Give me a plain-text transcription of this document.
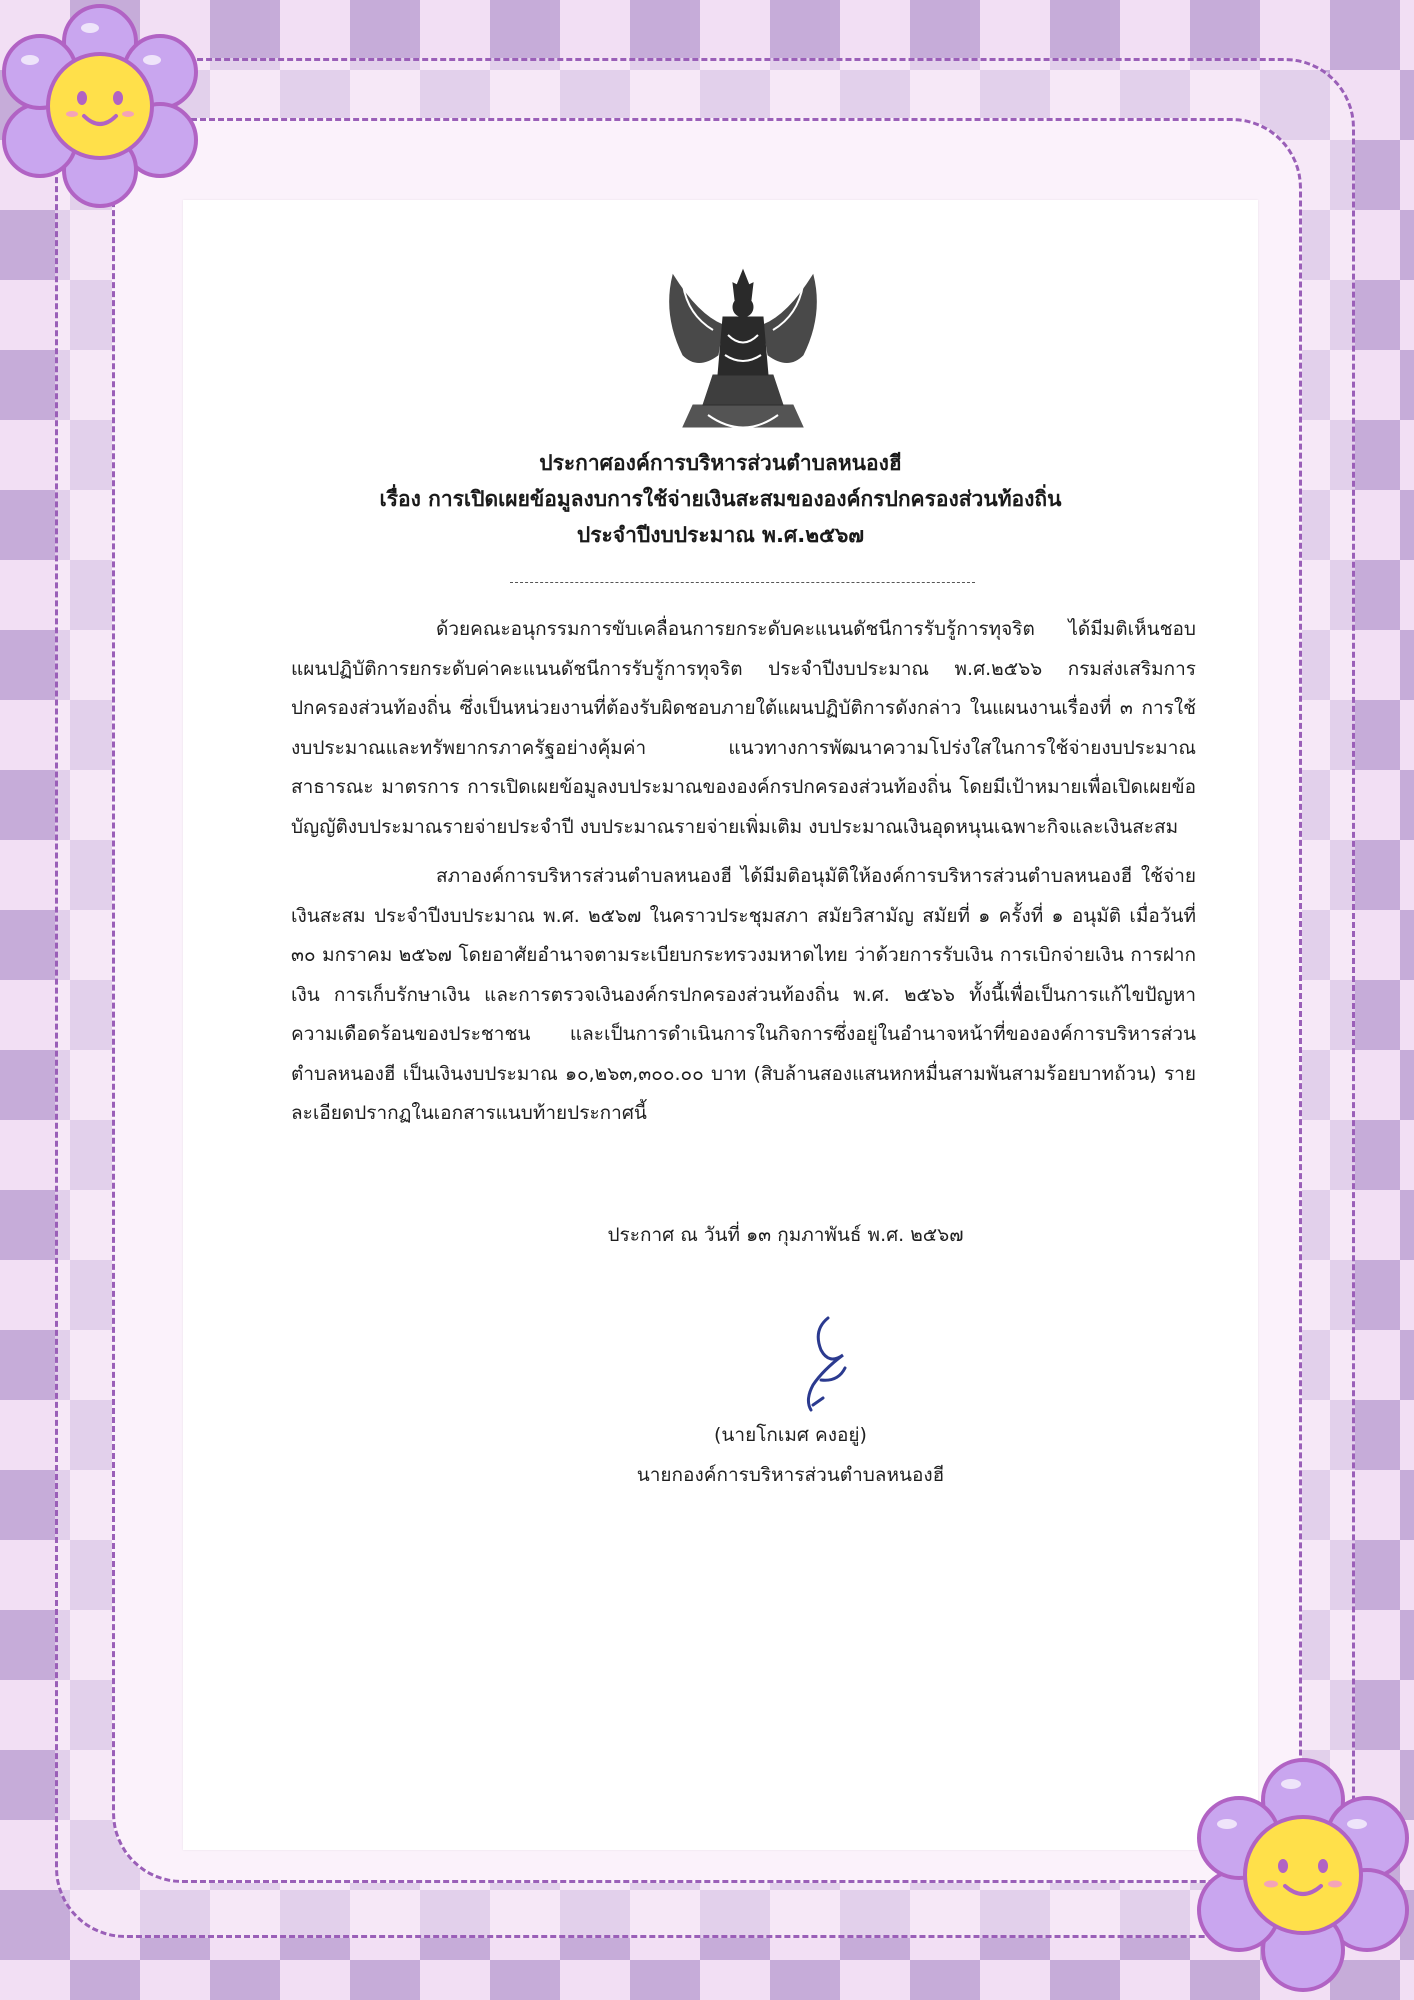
ประกาศองค์การบริหารส่วนตำบลหนองฮี
เรื่อง การเปิดเผยข้อมูลงบการใช้จ่ายเงินสะสมขององค์กรปกครองส่วนท้องถิ่น
ประจำปีงบประมาณ พ.ศ.๒๕๖๗

ด้วยคณะอนุกรรมการขับเคลื่อนการยกระดับคะแนนดัชนีการรับรู้การทุจริต ได้มีมติเห็นชอบแผนปฏิบัติการยกระดับค่าคะแนนดัชนีการรับรู้การทุจริต ประจำปีงบประมาณ พ.ศ.๒๕๖๖ กรมส่งเสริมการปกครองส่วนท้องถิ่น ซึ่งเป็นหน่วยงานที่ต้องรับผิดชอบภายใต้แผนปฏิบัติการดังกล่าว ในแผนงานเรื่องที่ ๓ การใช้งบประมาณและทรัพยากรภาครัฐอย่างคุ้มค่า แนวทางการพัฒนาความโปร่งใสในการใช้จ่ายงบประมาณสาธารณะ มาตรการ การเปิดเผยข้อมูลงบประมาณขององค์กรปกครองส่วนท้องถิ่น โดยมีเป้าหมายเพื่อเปิดเผยข้อบัญญัติงบประมาณรายจ่ายประจำปี งบประมาณรายจ่ายเพิ่มเติม งบประมาณเงินอุดหนุนเฉพาะกิจและเงินสะสม

สภาองค์การบริหารส่วนตำบลหนองฮี ได้มีมติอนุมัติให้องค์การบริหารส่วนตำบลหนองฮี ใช้จ่ายเงินสะสม ประจำปีงบประมาณ พ.ศ. ๒๕๖๗ ในคราวประชุมสภา สมัยวิสามัญ สมัยที่ ๑ ครั้งที่ ๑ อนุมัติ เมื่อวันที่ ๓๐ มกราคม ๒๕๖๗ โดยอาศัยอำนาจตามระเบียบกระทรวงมหาดไทย ว่าด้วยการรับเงิน การเบิกจ่ายเงิน การฝากเงิน การเก็บรักษาเงิน และการตรวจเงินองค์กรปกครองส่วนท้องถิ่น พ.ศ. ๒๕๖๖ ทั้งนี้เพื่อเป็นการแก้ไขปัญหาความเดือดร้อนของประชาชน และเป็นการดำเนินการในกิจการซึ่งอยู่ในอำนาจหน้าที่ขององค์การบริหารส่วนตำบลหนองฮี เป็นเงินงบประมาณ ๑๐,๒๖๓,๓๐๐.๐๐ บาท (สิบล้านสองแสนหกหมื่นสามพันสามร้อยบาทถ้วน) รายละเอียดปรากฏในเอกสารแนบท้ายประกาศนี้

ประกาศ ณ วันที่ ๑๓ กุมภาพันธ์ พ.ศ. ๒๕๖๗
(นายโกเมศ คงอยู่)
นายกองค์การบริหารส่วนตำบลหนองฮี
